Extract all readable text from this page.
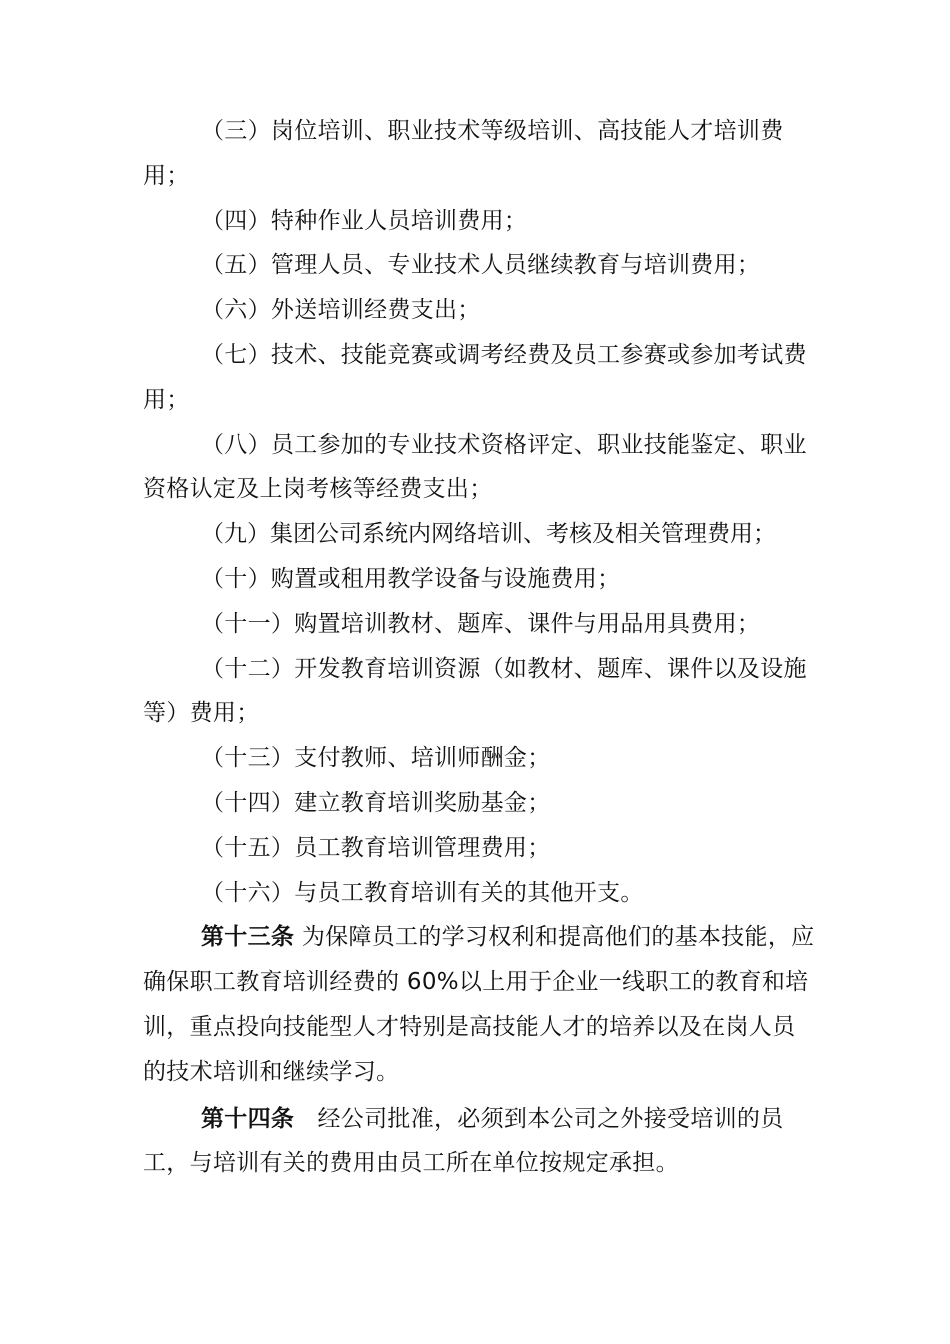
（三）岗位培训、职业技术等级培训、高技能人才培训费用；

（四）特种作业人员培训费用；

（五）管理人员、专业技术人员继续教育与培训费用；

（六）外送培训经费支出；

（七）技术、技能竞赛或调考经费及员工参赛或参加考试费用；

（八）员工参加的专业技术资格评定、职业技能鉴定、职业资格认定及上岗考核等经费支出；

（九）集团公司系统内网络培训、考核及相关管理费用；

（十）购置或租用教学设备与设施费用；

（十一）购置培训教材、题库、课件与用品用具费用；

（十二）开发教育培训资源（如教材、题库、课件以及设施等）费用；

（十三）支付教师、培训师酬金；

（十四）建立教育培训奖励基金；

（十五）员工教育培训管理费用；

（十六）与员工教育培训有关的其他开支。

第十三条 为保障员工的学习权利和提高他们的基本技能，应确保职工教育培训经费的 60%以上用于企业一线职工的教育和培训，重点投向技能型人才特别是高技能人才的培养以及在岗人员的技术培训和继续学习。

第十四条　经公司批准，必须到本公司之外接受培训的员工，与培训有关的费用由员工所在单位按规定承担。
